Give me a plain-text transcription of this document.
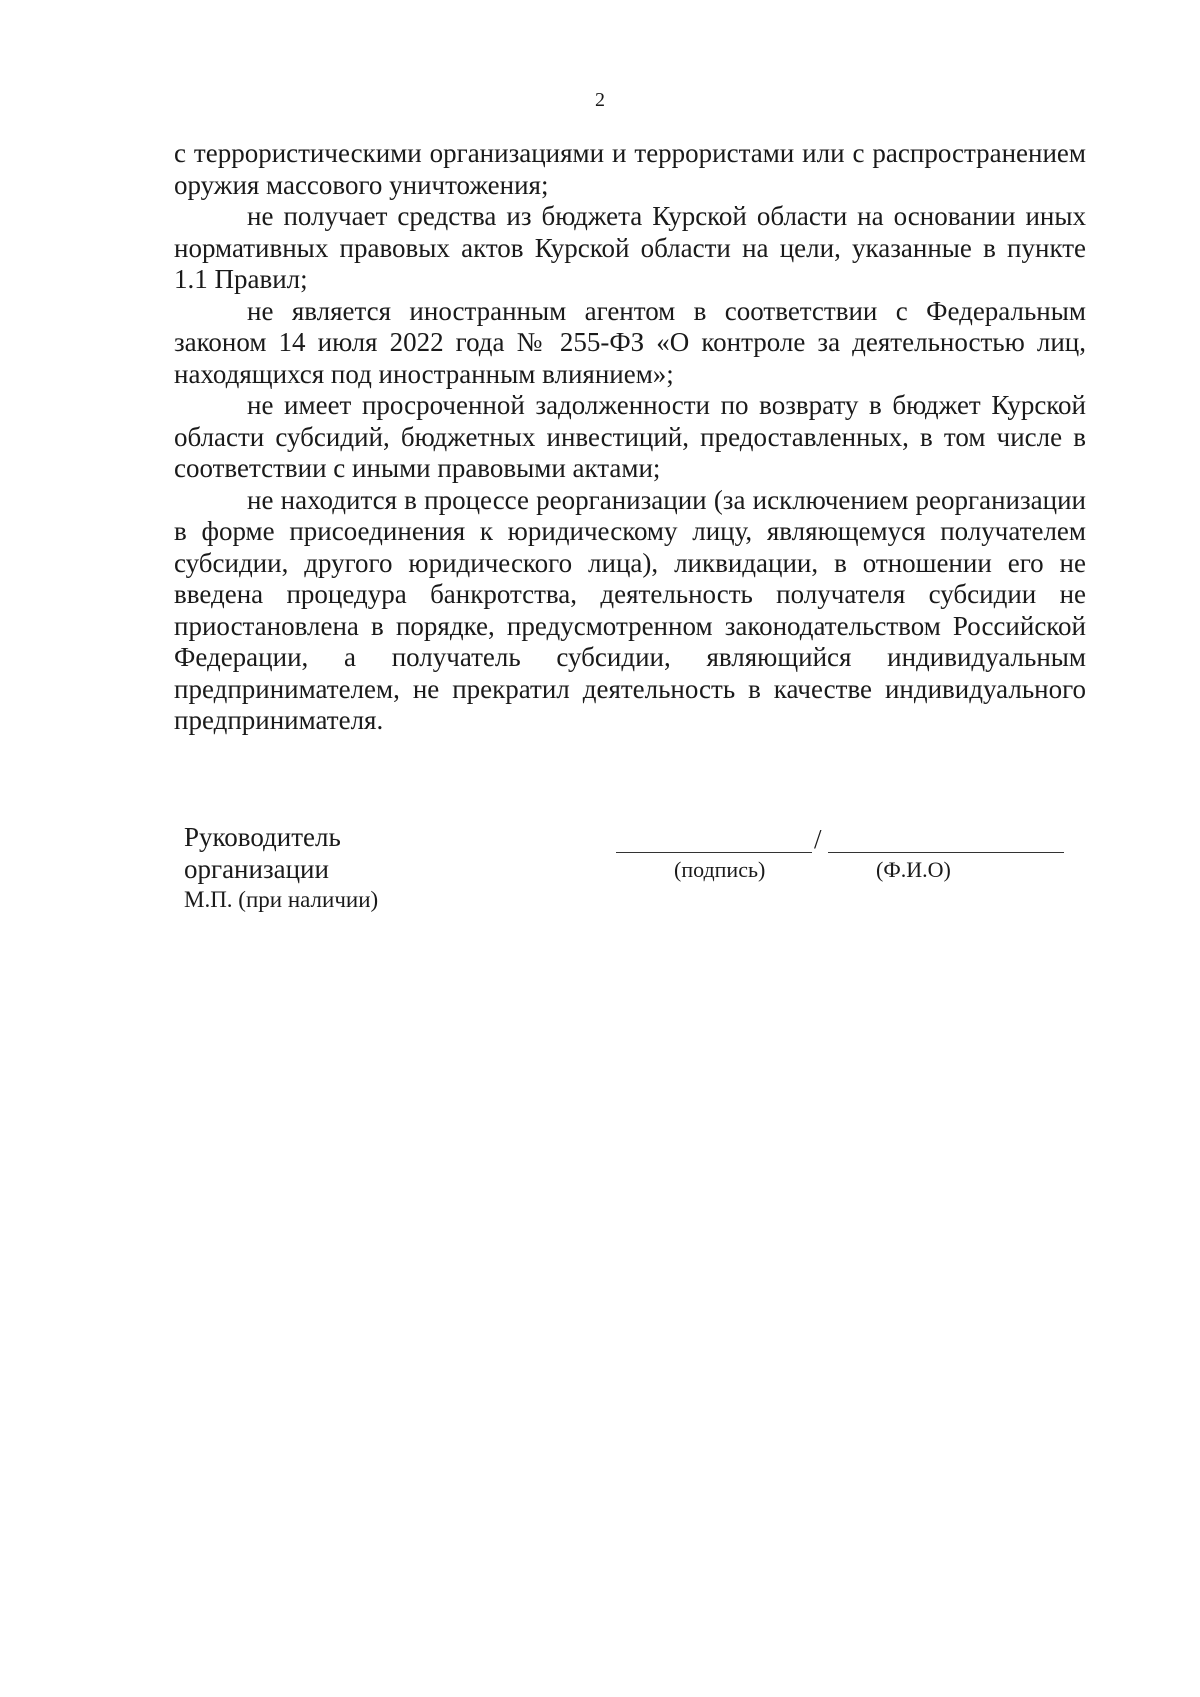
2

с террористическими организациями и террористами или с распространением оружия массового уничтожения;

не получает средства из бюджета Курской области на основании иных нормативных правовых актов Курской области на цели, указанные в пункте 1.1 Правил;

не является иностранным агентом в соответствии с Федеральным законом 14 июля 2022 года № 255-ФЗ «О контроле за деятельностью лиц, находящихся под иностранным влиянием»;

не имеет просроченной задолженности по возврату в бюджет Курской области субсидий, бюджетных инвестиций, предоставленных, в том числе в соответствии с иными правовыми актами;

не находится в процессе реорганизации (за исключением реорганизации в форме присоединения к юридическому лицу, являющемуся получателем субсидии, другого юридического лица), ликвидации, в отношении его не введена процедура банкротства, деятельность получателя субсидии не приостановлена в порядке, предусмотренном законодательством Российской Федерации, а получатель субсидии, являющийся индивидуальным предпринимателем, не прекратил деятельность в качестве индивидуального предпринимателя.

Руководитель
организации
М.П. (при наличии)
/
(подпись)	(Ф.И.О)
